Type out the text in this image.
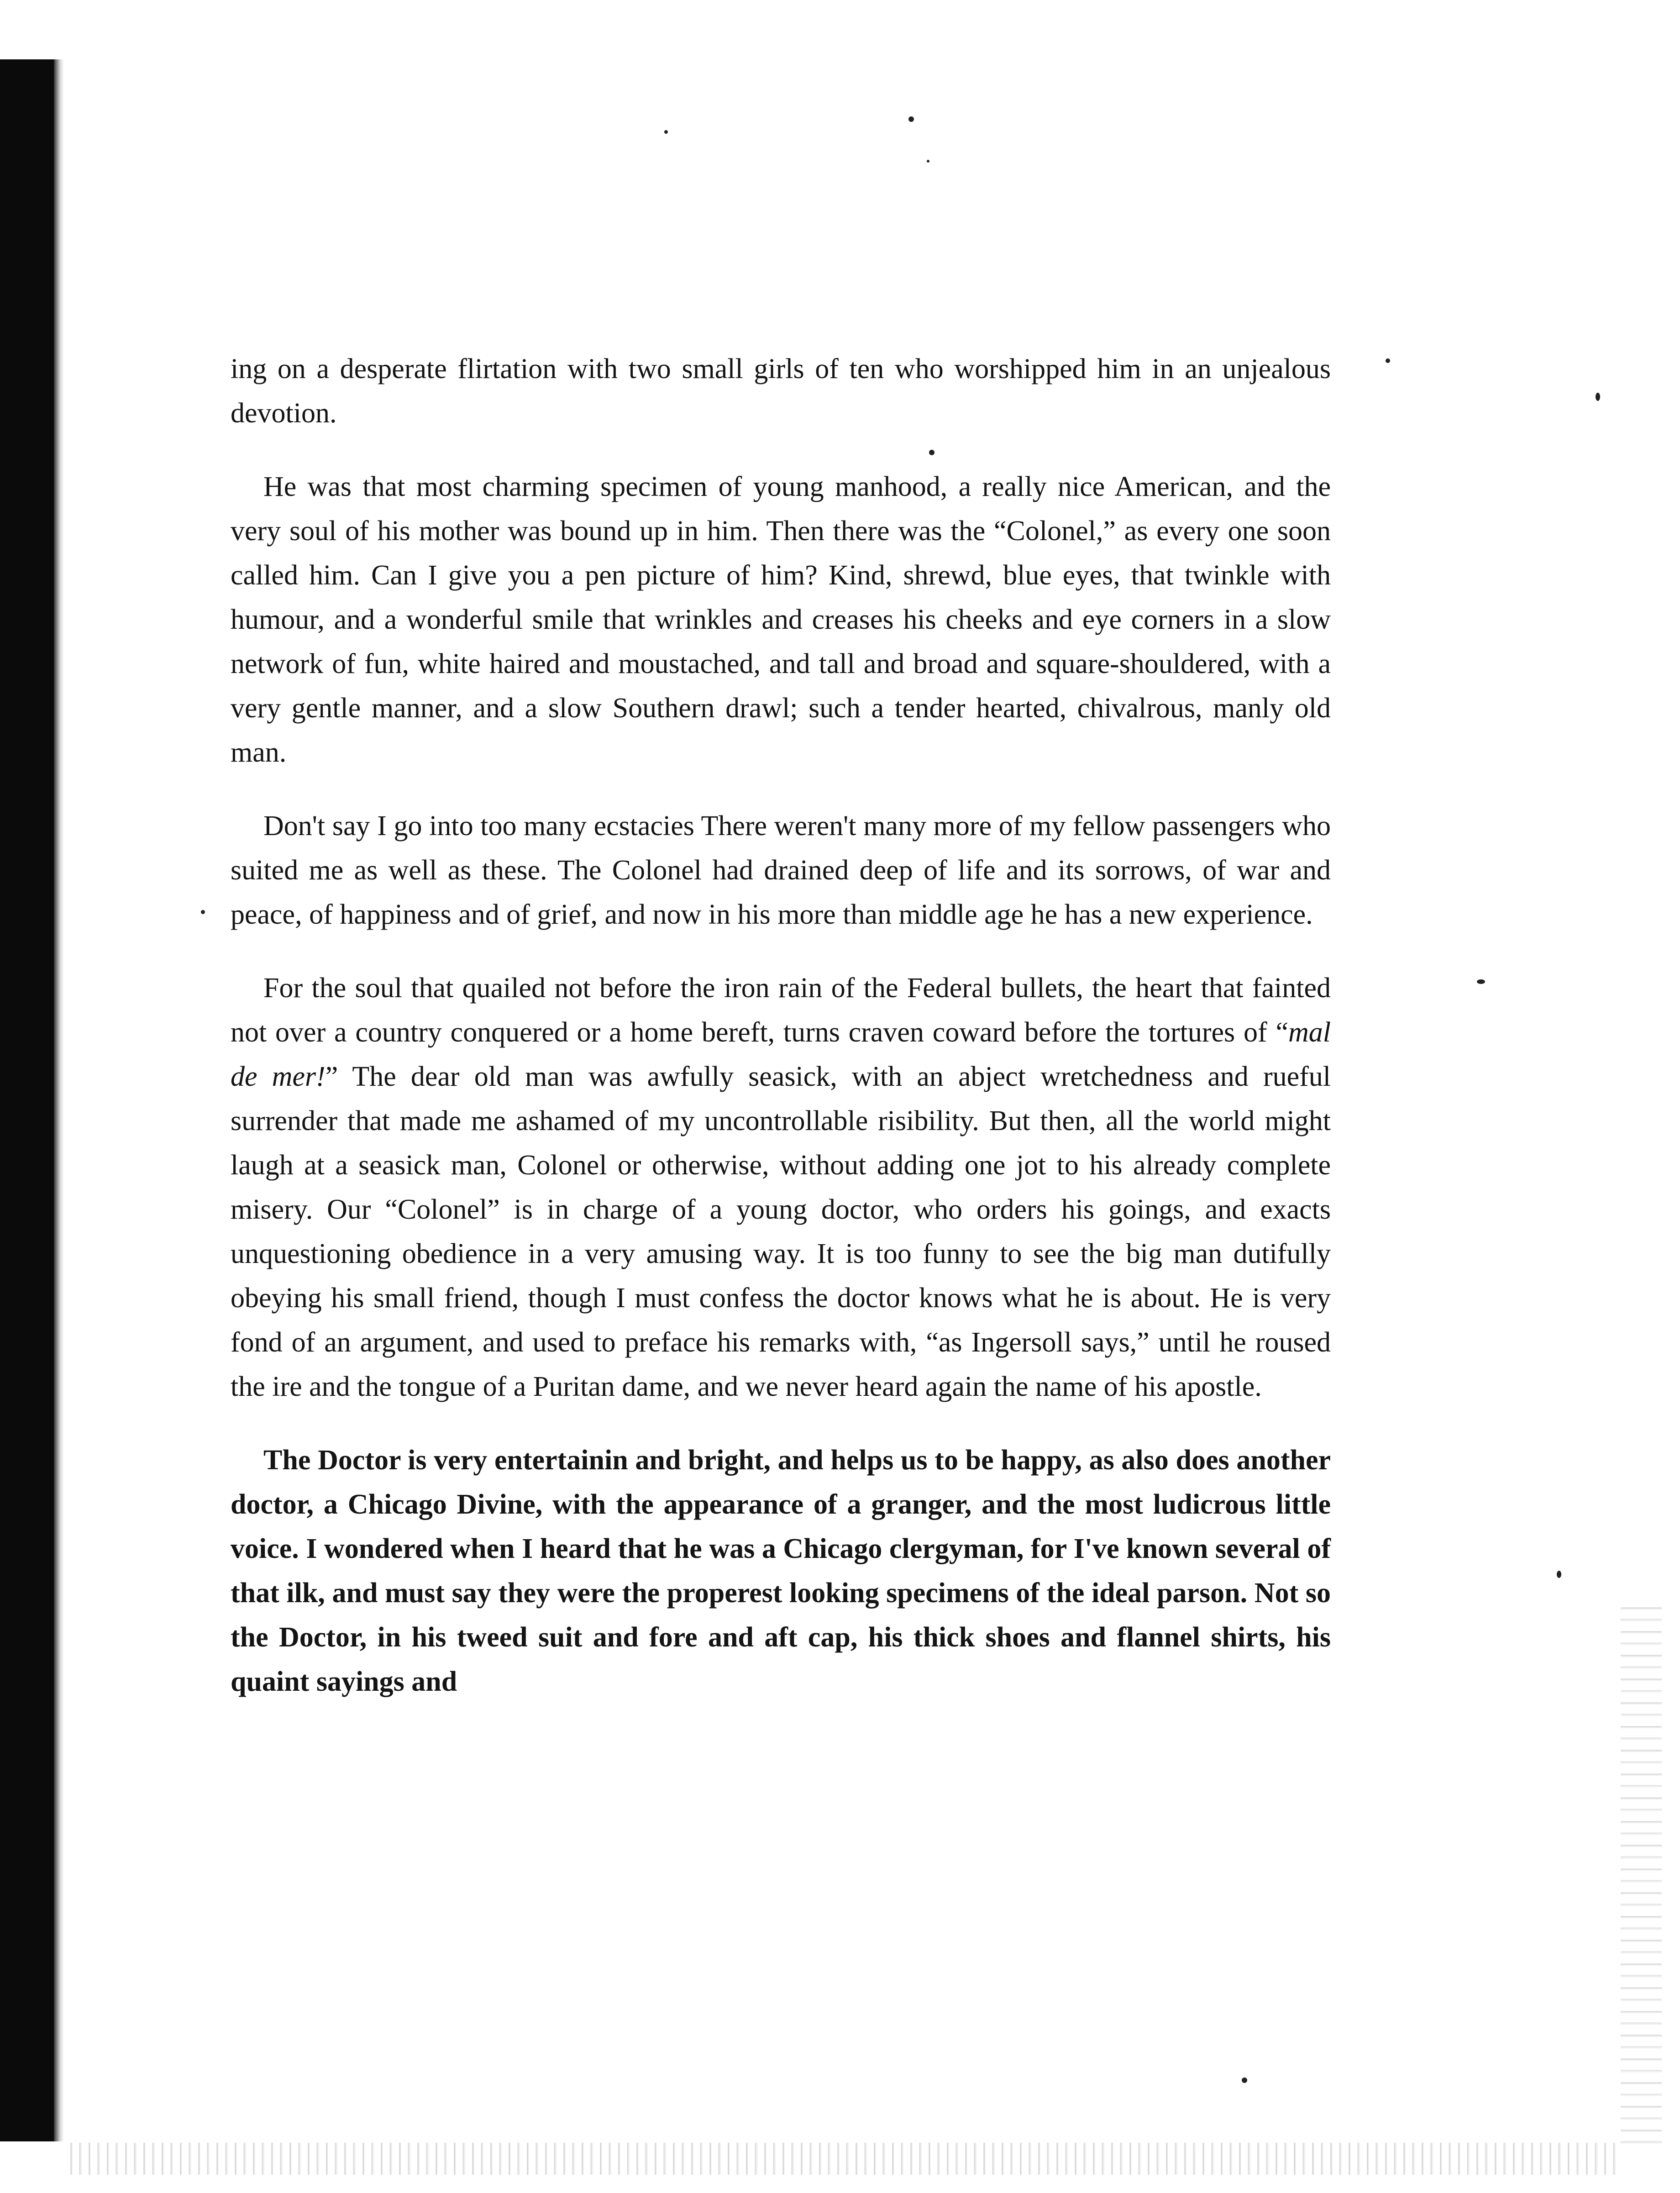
ing on a desperate flirtation with two small girls of ten who worshipped him in an unjealous devotion.

He was that most charming specimen of young manhood, a really nice American, and the very soul of his mother was bound up in him. Then there was the “Colonel,” as every one soon called him. Can I give you a pen picture of him? Kind, shrewd, blue eyes, that twinkle with humour, and a wonderful smile that wrinkles and creases his cheeks and eye corners in a slow network of fun, white haired and moustached, and tall and broad and square-shouldered, with a very gentle manner, and a slow Southern drawl; such a tender hearted, chivalrous, manly old man.

Don't say I go into too many ecstacies There weren't many more of my fellow passengers who suited me as well as these. The Colonel had drained deep of life and its sorrows, of war and peace, of happiness and of grief, and now in his more than middle age he has a new experience.

For the soul that quailed not before the iron rain of the Federal bullets, the heart that fainted not over a country conquered or a home bereft, turns craven coward before the tortures of “mal de mer!” The dear old man was awfully seasick, with an abject wretchedness and rueful surrender that made me ashamed of my uncontrollable risibility. But then, all the world might laugh at a seasick man, Colonel or otherwise, without adding one jot to his already complete misery. Our “Colonel” is in charge of a young doctor, who orders his goings, and exacts unquestioning obedience in a very amusing way. It is too funny to see the big man dutifully obeying his small friend, though I must confess the doctor knows what he is about. He is very fond of an argument, and used to preface his remarks with, “as Ingersoll says,” until he roused the ire and the tongue of a Puritan dame, and we never heard again the name of his apostle.

The Doctor is very entertainin and bright, and helps us to be happy, as also does another doctor, a Chicago Divine, with the appearance of a granger, and the most ludicrous little voice. I wondered when I heard that he was a Chicago clergyman, for I've known several of that ilk, and must say they were the properest looking specimens of the ideal parson. Not so the Doctor, in his tweed suit and fore and aft cap, his thick shoes and flannel shirts, his quaint sayings and
